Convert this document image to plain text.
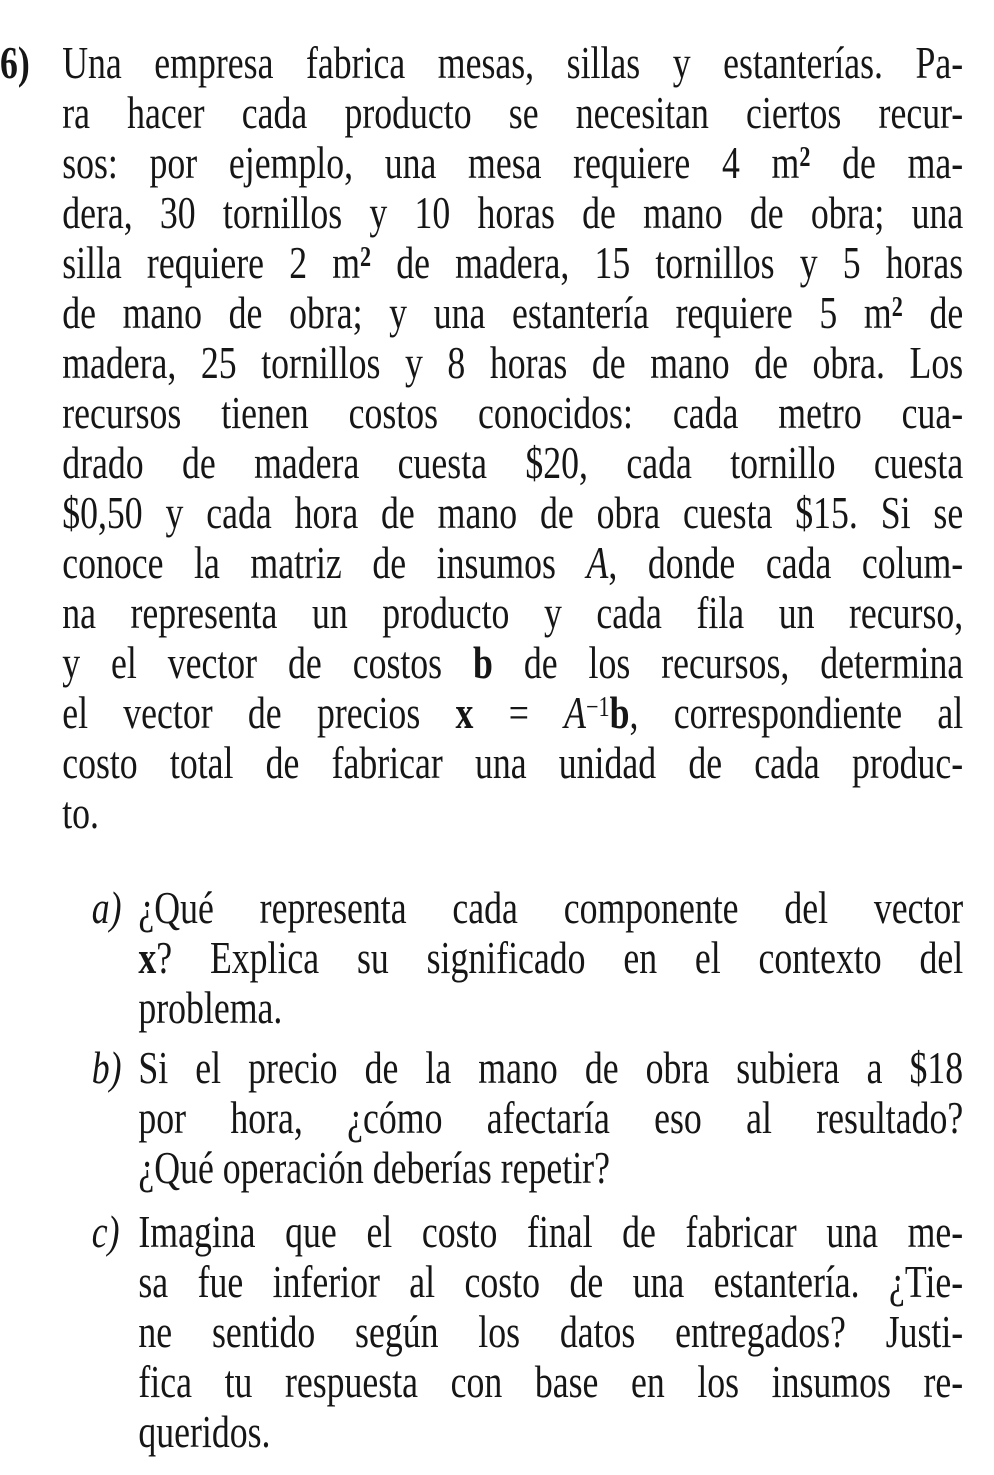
6) Una empresa fabrica mesas, sillas y estanterías. Pa-
ra hacer cada producto se necesitan ciertos recur-
sos: por ejemplo, una mesa requiere 4 $m^2$ de ma-
dera, 30 tornillos y 10 horas de mano de obra; una
silla requiere 2 $m^2$ de madera, 15 tornillos y 5 horas
de mano de obra; y una estantería requiere 5 $m^2$ de
madera, 25 tornillos y 8 horas de mano de obra. Los
recursos tienen costos conocidos: cada metro cua-
drado de madera cuesta $20, cada tornillo cuesta
$0,50 y cada hora de mano de obra cuesta $15. Si se
conoce la matriz de insumos A, donde cada colum-
na representa un producto y cada fila un recurso,
y el vector de costos b de los recursos, determina
el vector de precios $x = A^{-1}b$, correspondiente al
costo total de fabricar una unidad de cada produc-
to.
a) ¿Qué representa cada componente del vector
x? Explica su significado en el contexto del
problema.
b) Si el precio de la mano de obra subiera a $18
por hora, ¿cómo afectaría eso al resultado?
¿Qué operación deberías repetir?
c) Imagina que el costo final de fabricar una me-
sa fue inferior al costo de una estantería. ¿Tie-
ne sentido según los datos entregados? Justi-
fica tu respuesta con base en los insumos re-
queridos.
